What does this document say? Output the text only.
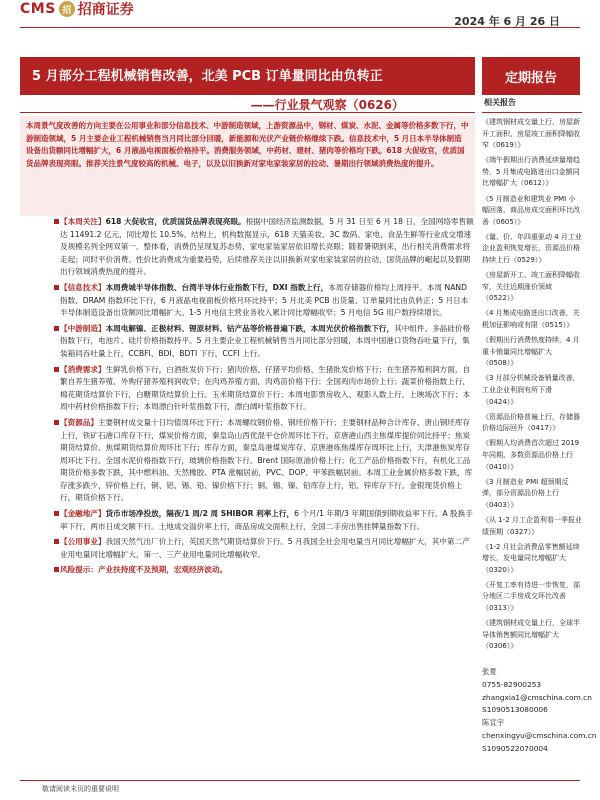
CMS 招 招商证券
2024 年 6 月 26 日
5 月部分工程机械销售改善，北美 PCB 订单量同比由负转正	定期报告
——行业景气观察（0626）
本周景气度改善的方向主要在公用事业和部分信息技术、中游制造领域，上游资源品中，钢材、煤炭、水泥、金属等价格多数下行，中游制造领域，5 月主要企业工程机械销售当月同比部分回暖，新能源和光伏产业链价格继续下跌。信息技术中，5 月日本半导体制造设备出货额同比增幅扩大，6 月液晶电视面板价格持平。消费服务领域，中药材、建材、猪肉等价格均下跌。618 大促收官，优质国货品牌表现亮眼。推荐关注景气度较高的机械、电子，以及以旧换新对家电家装家居的拉动、暑期出行领域消费热度的提升。
【本周关注】618 大促收官，优质国货品牌表现亮眼。根据中国经济监测数据，5 月 31 日至 6 月 18 日，全国网络零售额达 11491.2 亿元，同比增长 10.5%。结构上，机构数据显示，618 天猫美妆、3C 数码、家电、食品生鲜等行业成交增速及规模名列全网双第一。整体看，消费仍呈现复苏态势，家电家装家居依旧增长亮眼；随着暑期到来，出行相关消费需求将走起；同时平价消费、性价比消费成为重要趋势，后续推荐关注以旧换新对家电家装家居的拉动、国货品牌的崛起以及假期出行领域消费热度的提升。
【信息技术】本周费城半导体指数、台湾半导体行业指数下行，DXI 指数上行，本周存储器价格均上周持平。本周 NAND 指数、DRAM 指数环比下行，6 月液晶电视面板价格月环比持平；5 月北美 PCB 出货量、订单量同比由负转正；5 月日本半导体制造设备出货额同比增幅扩大。1-5 月电信主营业务收入累计同比增幅收窄；5 月电信 5G 用户数持续增长。
【中游制造】本周电解镍、正极材料、锂原材料、钴产品等价格普遍下跌，本周光伏价格指数下行，其中组件、多晶硅价格指数下行，电池片、硅片价格指数持平。5 月主要企业工程机械销售当月同比部分回暖，本周中国港口货物吞吐量下行，集装箱同吞吐量上行，CCBFI、BDI、BDTI 下行，CCFI 上行。
【消费需求】生鲜乳价格下行，白酒批发价下行；猪肉价格、仔猪平均价格、生猪批发价格下行；在生猪养殖利润方面，自繁自养生猪养殖、外购仔猪养殖利润收窄；在肉鸡养殖方面，肉鸡苗价格下行；全国鸡肉市场价上行；蔬菜价格指数上行，棉花期货结算价下行，白糖期货结算价上行。玉米期货结算价下行；本周电影票房收入、观影人数上行，上映场次下行；本周中药材价格指数下行；本周漂白针叶浆指数下行，漂白阔叶浆指数下行。
【资源品】主要钢材成交量十日均值周环比下行；本周螺纹钢价格、钢坯价格下行；主要钢材品种合计库存、唐山钢坯库存上行，铁矿石港口库存下行，煤炭价格方面，秦皇岛山西优混平仓价周环比下行，京唐港山西主焦煤库提价同比持平；焦炭期货结算价、焦煤期货结算价周环比下行；库存方面，秦皇岛港煤炭库存、京唐港炼焦煤库存周环比上行，天津港焦炭库存周环比下行。全国水泥价格指数下行，玻璃价格指数下行。Brent 国际原油价格上行；化工产品价格指数下行，有机化工品期货价格多数下跌，其中燃料油、天然橡胶、PTA 涨幅居前，PVC、DOP、甲苯跌幅居前。本周工业金属价格多数下跌，库存涨多跌少，锌价格上行，铜、铝、锡、铅、镍价格下行；铜、锡、镍、铅库存上行，铝、锌库存下行。金银现货价格上行，期货价格下行。
【金融地产】货币市场净投放，隔夜/1 周/2 周 SHIBOR 利率上行，6 个月/1 年期/3 年期国债到期收益率下行。A 股换手率下行，两市日成交额下行。土地成交溢价率上行，商品房成交面积上行，全国二手房出售挂牌量指数下行。
【公用事业】我国天然气出厂价上行，英国天然气期货结算价下行。5 月我国全社会用电量当月同比增幅扩大，其中第二产业用电量同比增幅扩大，第一、三产业用电量同比增幅收窄。
风险提示：产业扶持度不及预期，宏观经济波动。
相关报告
《建筑钢材成交量上行，房屋新开工面积、房屋竣工面积降幅收窄（0619）》
《端午假期出行消费延续量增趋势，5 月集成电路进出口金额同比增幅扩大（0612）》
《5 月制造业和建筑业 PMI 小幅回落，商品房成交面积环比改善（0605）》
《量、价、年四重驱动 4 月工业企业盈利恢复增长，资源品价格持续上行（0529）》
《房屋新开工、竣工面积降幅收窄，关注近期涨价领域（0522）》
《4 月集成电路进出口改善，关税加征影响或有限（0515）》
《假期出行消费热度持续，4 月重卡销量同比增幅扩大（0508）》
《3 月部分机械设备销量改善，工业企业利润有所下滑（0424）》
《资源品价格普遍上行，存储器价格边际回升（0417）》
《假期人均消费首次超过 2019 年同期，多数资源品价格上行（0410）》
《3 月制造业 PMI 超预期反弹，部分资源品价格上行（0403）》
《从 1-2 月工企盈利看一季报业绩预期（0327）》
《1-2 月社会消费品零售额延续增长，发电量同比增幅扩大（0320）》
《开复工率有待进一步恢复，部分地区二手房成交环比改善（0313）》
《建筑钢材成交量上行，全球半导体销售额同比增幅扩大（0306）》
张夏
0755-82900253
zhangxia1@cmschina.com.cn
S1090513080006
陈宣宇
chenxingyu@cmschina.com.cn
S1090522070004
敬请阅读末页的重要说明
